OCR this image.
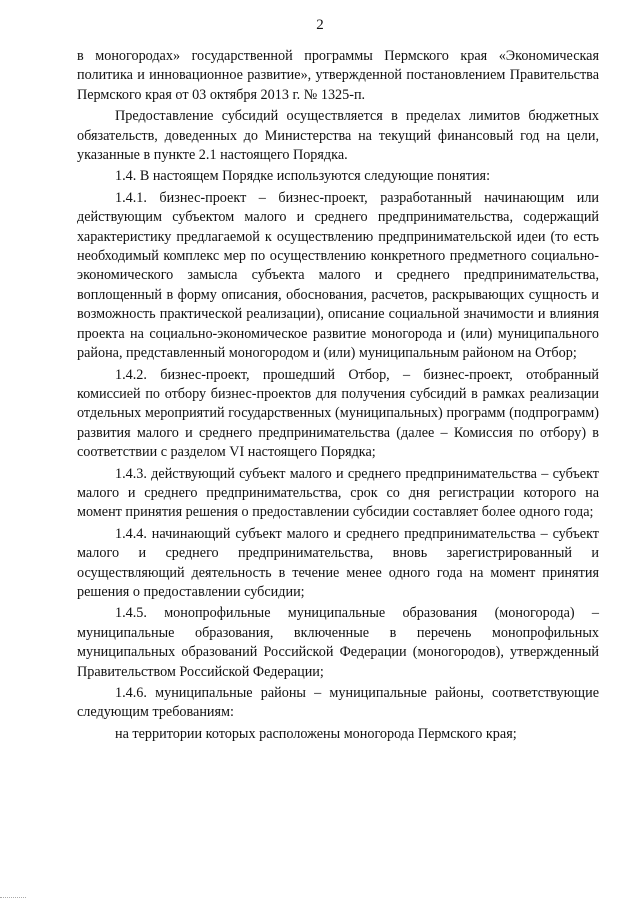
2

в моногородах» государственной программы Пермского края «Экономическая политика и инновационное развитие», утвержденной постановлением Правительства Пермского края от 03 октября 2013 г. № 1325-п.

Предоставление субсидий осуществляется в пределах лимитов бюджетных обязательств, доведенных до Министерства на текущий финансовый год на цели, указанные в пункте 2.1 настоящего Порядка.

1.4. В настоящем Порядке используются следующие понятия:

1.4.1. бизнес-проект – бизнес-проект, разработанный начинающим или действующим субъектом малого и среднего предпринимательства, содержащий характеристику предлагаемой к осуществлению предпринимательской идеи (то есть необходимый комплекс мер по осуществлению конкретного предметного социально-экономического замысла субъекта малого и среднего предпринимательства, воплощенный в форму описания, обоснования, расчетов, раскрывающих сущность и возможность практической реализации), описание социальной значимости и влияния проекта на социально-экономическое развитие моногорода и (или) муниципального района, представленный моногородом и (или) муниципальным районом на Отбор;

1.4.2. бизнес-проект, прошедший Отбор, – бизнес-проект, отобранный комиссией по отбору бизнес-проектов для получения субсидий в рамках реализации отдельных мероприятий государственных (муниципальных) программ (подпрограмм) развития малого и среднего предпринимательства (далее – Комиссия по отбору) в соответствии с разделом VI настоящего Порядка;

1.4.3. действующий субъект малого и среднего предпринимательства – субъект малого и среднего предпринимательства, срок со дня регистрации которого на момент принятия решения о предоставлении субсидии составляет более одного года;

1.4.4. начинающий субъект малого и среднего предпринимательства – субъект малого и среднего предпринимательства, вновь зарегистрированный и осуществляющий деятельность в течение менее одного года на момент принятия решения о предоставлении субсидии;

1.4.5. монопрофильные муниципальные образования (моногорода) – муниципальные образования, включенные в перечень монопрофильных муниципальных образований Российской Федерации (моногородов), утвержденный Правительством Российской Федерации;

1.4.6. муниципальные районы – муниципальные районы, соответствующие следующим требованиям:

на территории которых расположены моногорода Пермского края;
